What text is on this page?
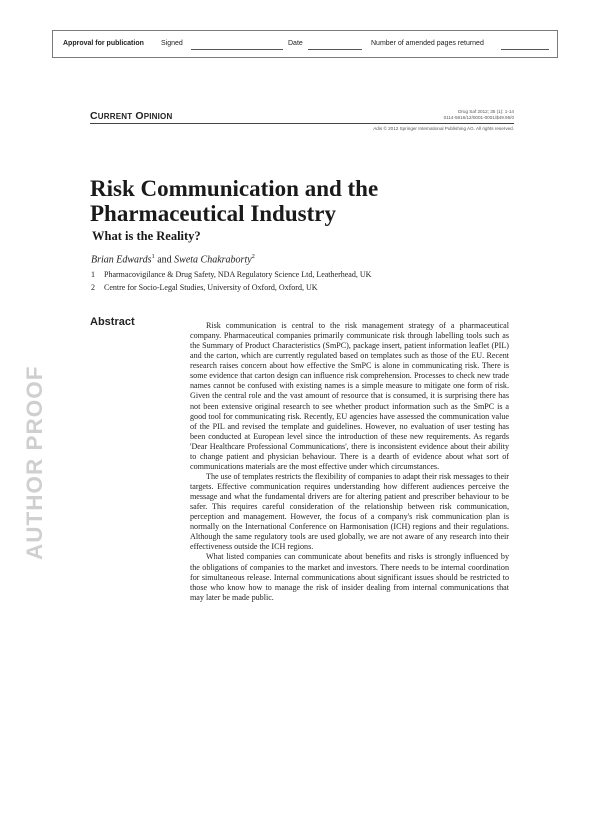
Approval for publication Signed	Date	Number of amended pages returned
CURRENT OPINION
Drug Saf 2012; 35 (1): 1-14
0114-5916/12/0001-0001/$49.95/0
Adis © 2012 Springer International Publishing AG. All rights reserved.
Risk Communication and the Pharmaceutical Industry
What is the Reality?
Brian Edwards$^1$ and Sweta Chakraborty$^2$
1 Pharmacovigilance & Drug Safety, NDA Regulatory Science Ltd, Leatherhead, UK
2 Centre for Socio-Legal Studies, University of Oxford, Oxford, UK
Abstract	Risk communication is central to the risk management strategy of a pharmaceutical company. Pharmaceutical companies primarily communicate risk through labelling tools such as the Summary of Product Characteristics (SmPC), package insert, patient information leaflet (PIL) and the carton, which are currently regulated based on templates such as those of the EU. Recent research raises concern about how effective the SmPC is alone in communicating risk. There is some evidence that carton design can influence risk comprehension. Processes to check new trade names cannot be confused with existing names is a simple measure to mitigate one form of risk. Given the central role and the vast amount of resource that is consumed, it is surprising there has not been extensive original research to see whether product information such as the SmPC is a good tool for communicating risk. Recently, EU agencies have assessed the communication value of the PIL and revised the template and guidelines. However, no evaluation of user testing has been conducted at European level since the introduction of these new requirements. As regards 'Dear Healthcare Professional Communications', there is inconsistent evidence about their ability to change patient and physician behaviour. There is a dearth of evidence about what sort of communications materials are the most effective under which circumstances.

The use of templates restricts the flexibility of companies to adapt their risk messages to their targets. Effective communication requires understanding how different audiences perceive the message and what the fundamental drivers are for altering patient and prescriber behaviour to be safer. This requires careful consideration of the relationship between risk communication, perception and management. However, the focus of a company's risk communication plan is normally on the International Conference on Harmonisation (ICH) regions and their regulations. Although the same regulatory tools are used globally, we are not aware of any research into their effectiveness outside the ICH regions.

What listed companies can communicate about benefits and risks is strongly influenced by the obligations of companies to the market and investors. There needs to be internal coordination for simultaneous release. Internal communications about significant issues should be restricted to those who know how to manage the risk of insider dealing from internal communications that may later be made public.

AUTHOR PROOF
